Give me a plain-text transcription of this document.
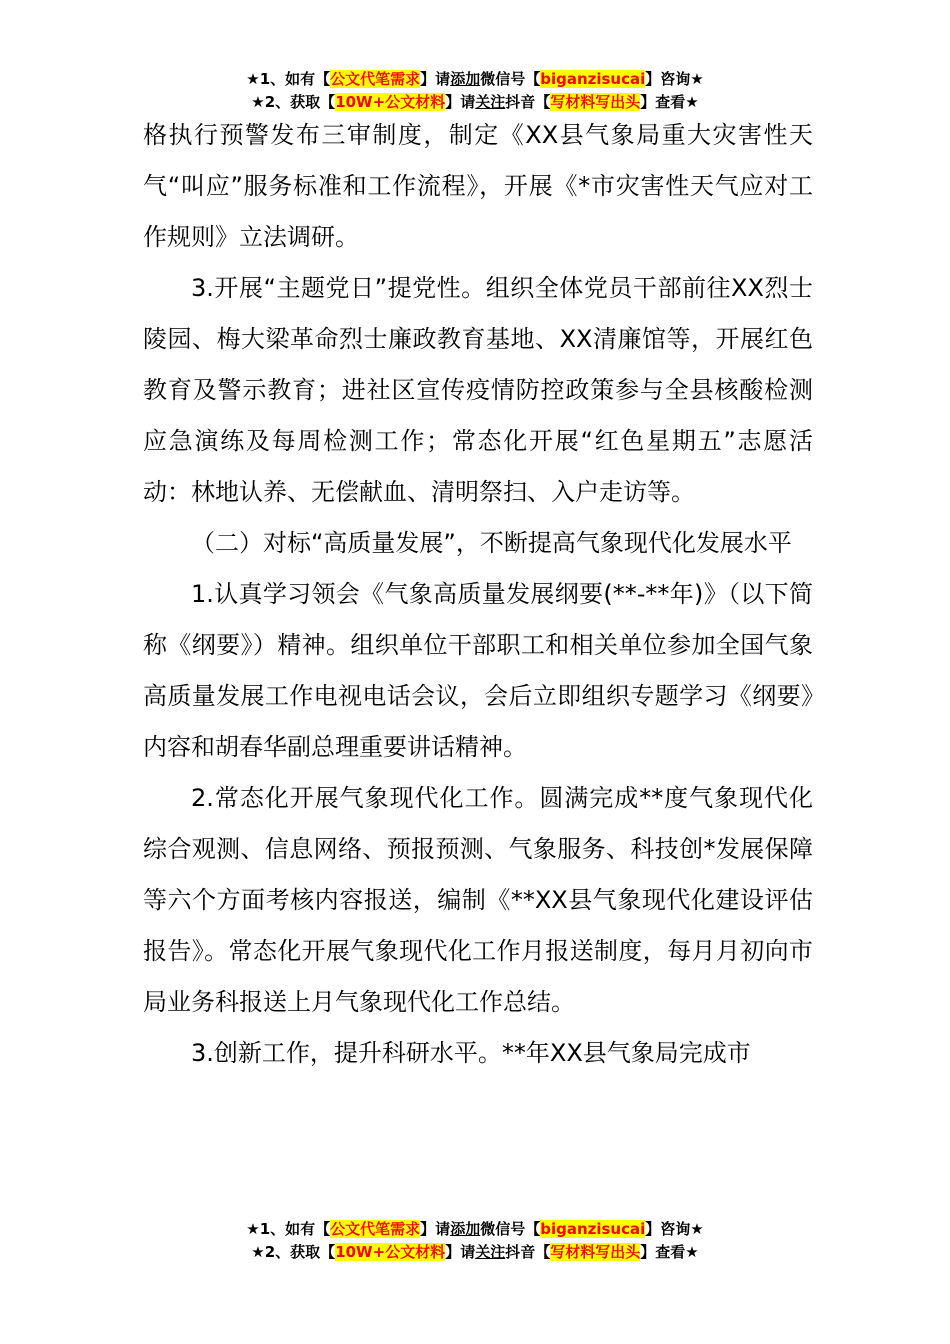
★1、如有【公文代笔需求】请添加微信号【biganzisucai】咨询★
★2、获取【10W+公文材料】请关注抖音【写材料写出头】查看★

格执行预警发布三审制度，制定《XX县气象局重大灾害性天气“叫应”服务标准和工作流程》，开展《*市灾害性天气应对工作规则》立法调研。

3.开展“主题党日”提党性。组织全体党员干部前往XX烈士陵园、梅大梁革命烈士廉政教育基地、XX清廉馆等，开展红色教育及警示教育；进社区宣传疫情防控政策参与全县核酸检测应急演练及每周检测工作；常态化开展“红色星期五”志愿活动：林地认养、无偿献血、清明祭扫、入户走访等。

（二）对标“高质量发展”，不断提高气象现代化发展水平

1.认真学习领会《气象高质量发展纲要(**-**年)》（以下简称《纲要》）精神。组织单位干部职工和相关单位参加全国气象高质量发展工作电视电话会议，会后立即组织专题学习《纲要》内容和胡春华副总理重要讲话精神。

2.常态化开展气象现代化工作。圆满完成**度气象现代化综合观测、信息网络、预报预测、气象服务、科技创*发展保障等六个方面考核内容报送，编制《**XX县气象现代化建设评估报告》。常态化开展气象现代化工作月报送制度，每月月初向市局业务科报送上月气象现代化工作总结。

3.创新工作，提升科研水平。**年XX县气象局完成市

★1、如有【公文代笔需求】请添加微信号【biganzisucai】咨询★
★2、获取【10W+公文材料】请关注抖音【写材料写出头】查看★
